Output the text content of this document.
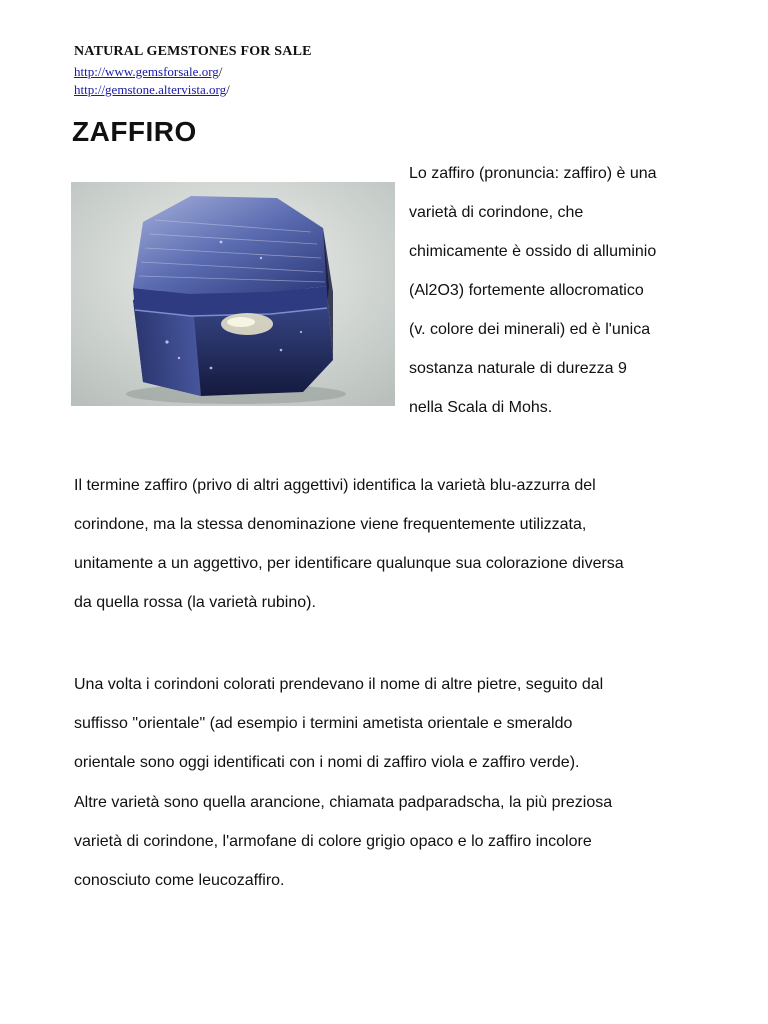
NATURAL GEMSTONES FOR SALE
http://www.gemsforsale.org/
http://gemstone.altervista.org/
ZAFFIRO
Lo zaffiro (pronuncia: zaffiro) è una
varietà di corindone, che
chimicamente è ossido di alluminio
(Al2O3) fortemente allocromatico
(v. colore dei minerali) ed è l'unica
sostanza naturale di durezza 9
nella Scala di Mohs.
Il termine zaffiro (privo di altri aggettivi) identifica la varietà blu-azzurra del
corindone, ma la stessa denominazione viene frequentemente utilizzata,
unitamente a un aggettivo, per identificare qualunque sua colorazione diversa
da quella rossa (la varietà rubino).
Una volta i corindoni colorati prendevano il nome di altre pietre, seguito dal
suffisso "orientale" (ad esempio i termini ametista orientale e smeraldo
orientale sono oggi identificati con i nomi di zaffiro viola e zaffiro verde).
Altre varietà sono quella arancione, chiamata padparadscha, la più preziosa
varietà di corindone, l'armofane di colore grigio opaco e lo zaffiro incolore
conosciuto come leucozaffiro.
